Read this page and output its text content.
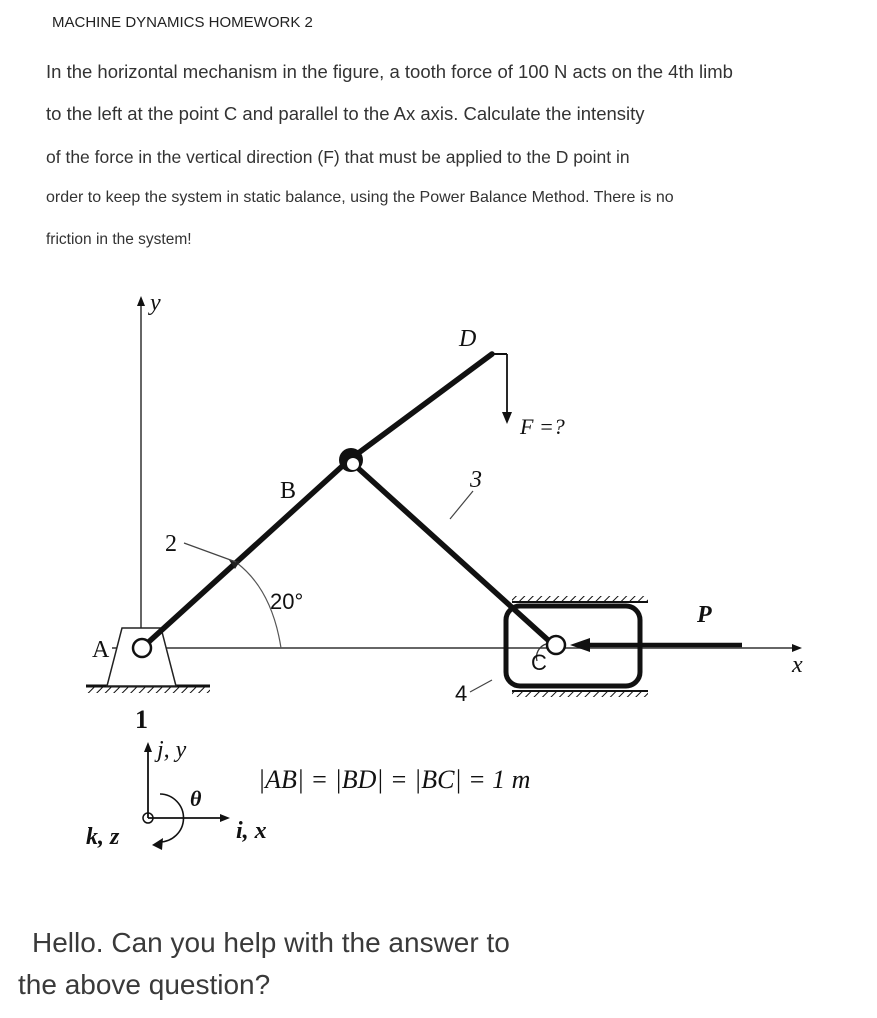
MACHINE DYNAMICS HOMEWORK 2
In the horizontal mechanism in the figure, a tooth force of 100 N acts on the 4th limb
to the left at the point C and parallel to the Ax axis. Calculate the intensity
of the force in the vertical direction (F) that must be applied to the D point in
order to keep the system in static balance, using the Power Balance Method. There is no
friction in the system!
y
x
D
F =?
B	3
2
20°
A
P
C
4
1
j, y
θ
k, z	i, x
|AB| = |BD| = |BC| = 1 m
Hello. Can you help with the answer to
the above question?
